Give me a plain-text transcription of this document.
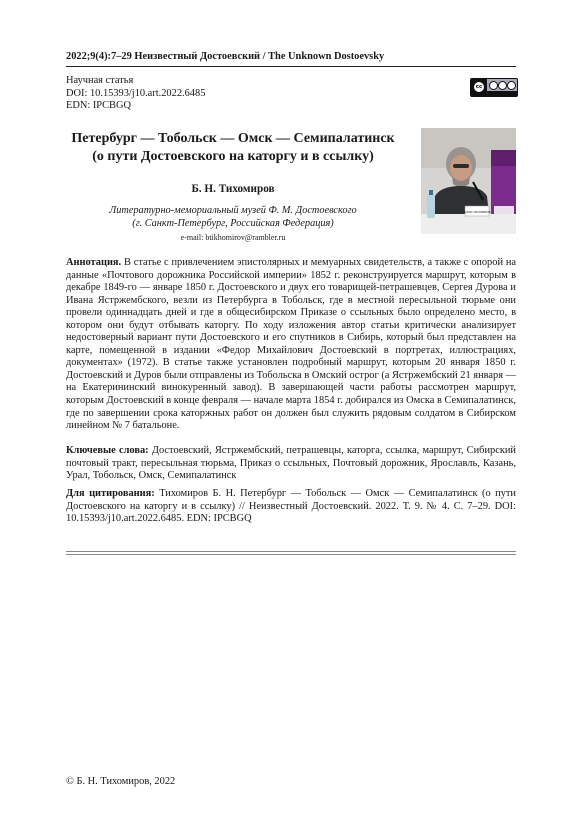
2022;9(4):7–29 Неизвестный Достоевский / The Unknown Dostoevsky
Научная статья
DOI: 10.15393/j10.art.2022.6485
EDN: IPCBGQ
cc
Петербург — Тобольск — Омск — Семипалатинск
(о пути Достоевского на каторгу и в ссылку)
Б. Н. Тихомиров
Литературно-мемориальный музей Ф. М. Достоевского
(г. Санкт-Петербург, Российская Федерация)
e-mail: btikhomirov@rambler.ru
БОРИС ТИХОМИРОВ
Аннотация. В статье с привлечением эпистолярных и мемуарных свидетельств, а также с опорой на данные «Почтового дорожника Российской империи» 1852 г. реконструируется маршрут, которым в декабре 1849-го — январе 1850 г. Достоевского и двух его товарищей-петрашевцев, Сергея Дурова и Ивана Ястржембского, везли из Петербурга в Тобольск, где в местной пересыльной тюрьме они провели одиннадцать дней и где в общесибирском Приказе о ссыльных было определено место, в котором они будут отбывать каторгу. По ходу изложения автор статьи критически анализирует недостоверный вариант пути Достоевского и его спутников в Сибирь, который был представлен на карте, помещенной в издании «Федор Михайлович Достоевский в портретах, иллюстрациях, документах» (1972). В статье также установлен подробный маршрут, которым 20 января 1850 г. Достоевский и Дуров были отправлены из Тобольска в Омский острог (а Ястржембский 21 января — на Екатерининский винокуренный завод). В завершающей части работы рассмотрен маршрут, которым Достоевский в конце февраля — начале марта 1854 г. добирался из Омска в Семипалатинск, где по завершении срока каторжных работ он должен был служить рядовым солдатом в Сибирском линейном № 7 батальоне.
Ключевые слова: Достоевский, Ястржембский, петрашевцы, каторга, ссылка, маршрут, Сибирский почтовый тракт, пересыльная тюрьма, Приказ о ссыльных, Почтовый дорожник, Ярославль, Казань, Урал, Тобольск, Омск, Семипалатинск
Для цитирования: Тихомиров Б. Н. Петербург — Тобольск — Омск — Семипалатинск (о пути Достоевского на каторгу и в ссылку) // Неизвестный Достоевский. 2022. Т. 9. № 4. С. 7–29. DOI: 10.15393/j10.art.2022.6485. EDN: IPCBGQ
© Б. Н. Тихомиров, 2022
